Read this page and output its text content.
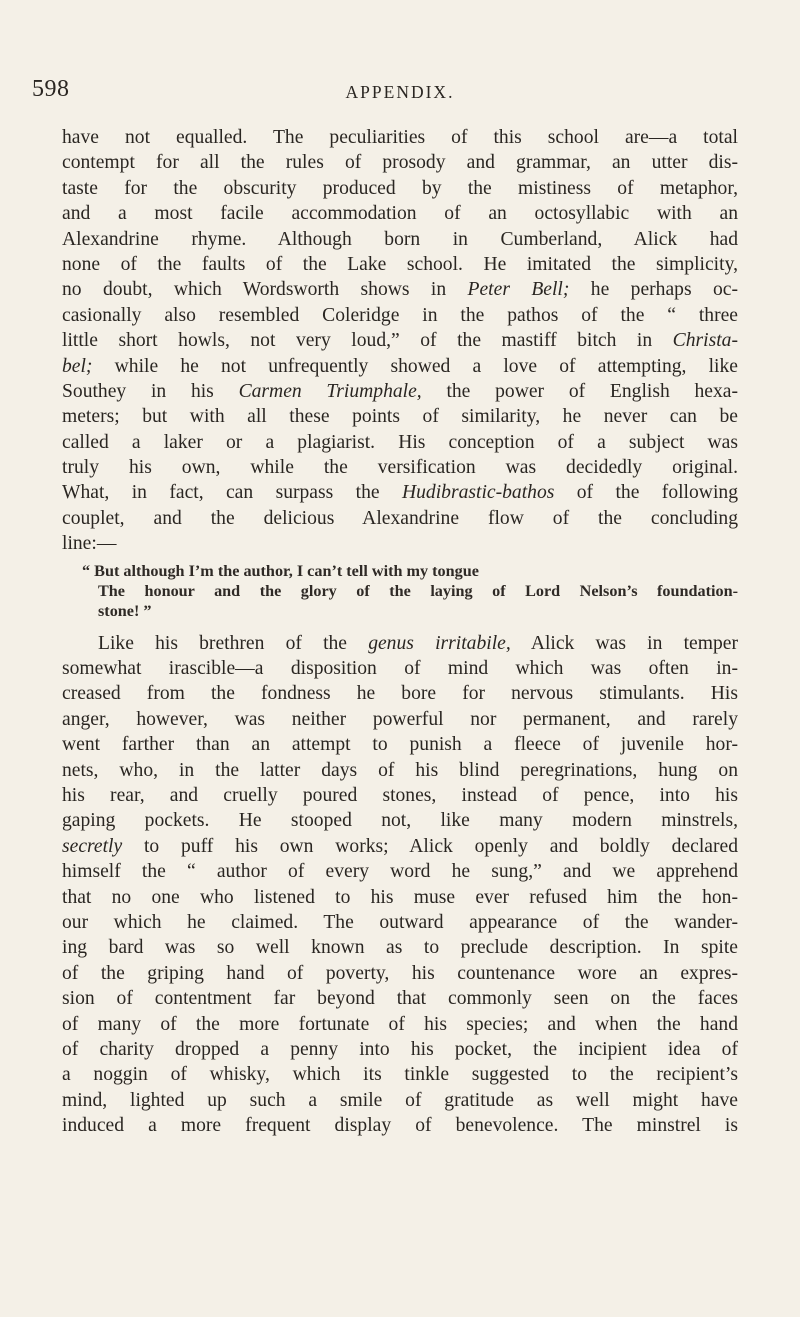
598	APPENDIX.
have not equalled. The peculiarities of this school are—a total
contempt for all the rules of prosody and grammar, an utter dis-
taste for the obscurity produced by the mistiness of metaphor,
and a most facile accommodation of an octosyllabic with an
Alexandrine rhyme. Although born in Cumberland, Alick had
none of the faults of the Lake school. He imitated the simplicity,
no doubt, which Wordsworth shows in Peter Bell; he perhaps oc-
casionally also resembled Coleridge in the pathos of the “ three
little short howls, not very loud,” of the mastiff bitch in Christa-
bel; while he not unfrequently showed a love of attempting, like
Southey in his Carmen Triumphale, the power of English hexa-
meters; but with all these points of similarity, he never can be
called a laker or a plagiarist. His conception of a subject was
truly his own, while the versification was decidedly original.
What, in fact, can surpass the Hudibrastic-bathos of the following
couplet, and the delicious Alexandrine flow of the concluding
line:—
“ But although I’m the author, I can’t tell with my tongue
The honour and the glory of the laying of Lord Nelson’s foundation-
stone! ”
Like his brethren of the genus irritabile, Alick was in temper
somewhat irascible—a disposition of mind which was often in-
creased from the fondness he bore for nervous stimulants. His
anger, however, was neither powerful nor permanent, and rarely
went farther than an attempt to punish a fleece of juvenile hor-
nets, who, in the latter days of his blind peregrinations, hung on
his rear, and cruelly poured stones, instead of pence, into his
gaping pockets. He stooped not, like many modern minstrels,
secretly to puff his own works; Alick openly and boldly declared
himself the “ author of every word he sung,” and we apprehend
that no one who listened to his muse ever refused him the hon-
our which he claimed. The outward appearance of the wander-
ing bard was so well known as to preclude description. In spite
of the griping hand of poverty, his countenance wore an expres-
sion of contentment far beyond that commonly seen on the faces
of many of the more fortunate of his species; and when the hand
of charity dropped a penny into his pocket, the incipient idea of
a noggin of whisky, which its tinkle suggested to the recipient’s
mind, lighted up such a smile of gratitude as well might have
induced a more frequent display of benevolence. The minstrel is
